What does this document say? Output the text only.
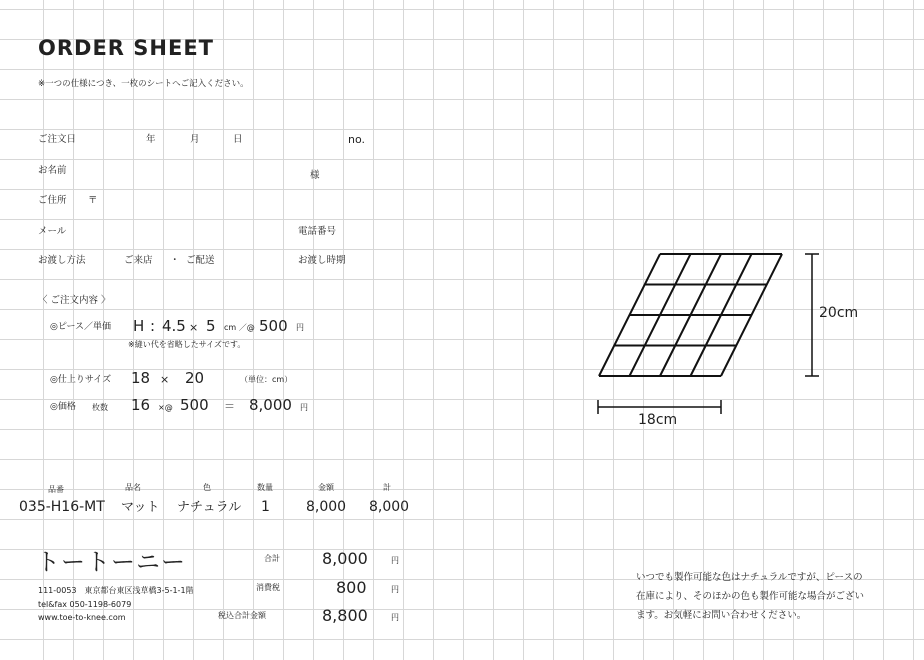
ORDER SHEET
※一つの仕様につき、一枚のシートへご記入ください。
ご注文日	年	月	日	no.
お名前	様
ご住所 〒
メール	電話番号
お渡し方法	ご来店 ・ ご配送	お渡し時期
〈 ご注文内容 〉
◎ピース／単価 H : 4.5 × 5 cm ／@ 500 円
※縫い代を省略したサイズです。
◎仕上りサイズ 18 × 20	（単位：cm）
◎価格 枚数 16 ×@ 500 ＝ 8,000 円
20cm
18cm
品番	品名	色	数量	金額	計
035-H16-MT マット ナチュラル 1	8,000 8,000
トートーニー
111-0053　東京都台東区浅草橋3-5-1-1階
tel&fax 050-1198-6079
www.toe-to-knee.com
合計	8,000	円
消費税	800	円
税込合計金額	8,800	円
いつでも製作可能な色はナチュラルですが、ピースの
在庫により、そのほかの色も製作可能な場合がござい
ます。お気軽にお問い合わせください。
